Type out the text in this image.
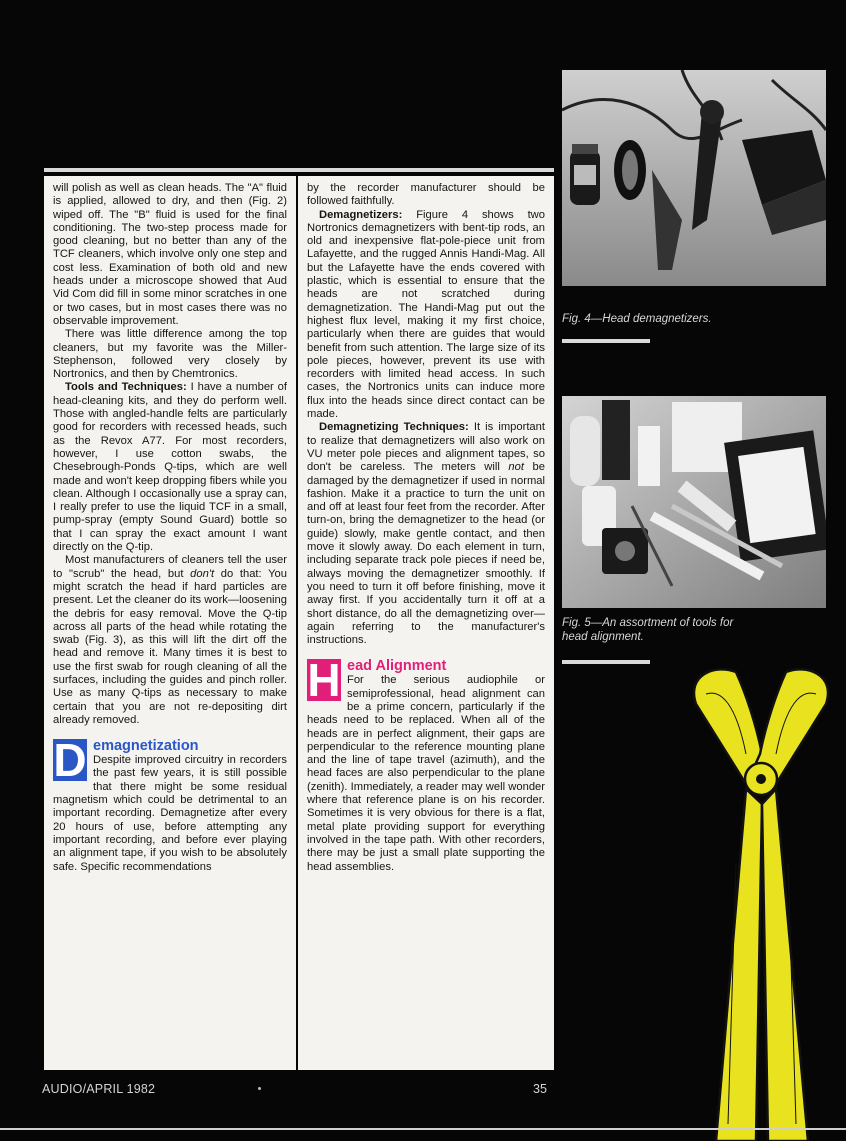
will polish as well as clean heads. The "A" fluid is applied, allowed to dry, and then (Fig. 2) wiped off. The "B" fluid is used for the final conditioning. The two-step process made for good cleaning, but no better than any of the TCF cleaners, which involve only one step and cost less. Examination of both old and new heads under a microscope showed that Aud Vid Com did fill in some minor scratches in one or two cases, but in most cases there was no observable improvement.

There was little difference among the top cleaners, but my favorite was the Miller-Stephenson, followed very closely by Nortronics, and then by Chemtronics.

Tools and Techniques: I have a number of head-cleaning kits, and they do perform well. Those with angled-handle felts are particularly good for recorders with recessed heads, such as the Revox A77. For most recorders, however, I use cotton swabs, the Chesebrough-Ponds Q-tips, which are well made and won't keep dropping fibers while you clean. Although I occasionally use a spray can, I really prefer to use the liquid TCF in a small, pump-spray (empty Sound Guard) bottle so that I can spray the exact amount I want directly on the Q-tip.

Most manufacturers of cleaners tell the user to "scrub" the head, but don't do that: You might scratch the head if hard particles are present. Let the cleaner do its work—loosening the debris for easy removal. Move the Q-tip across all parts of the head while rotating the swab (Fig. 3), as this will lift the dirt off the head and remove it. Many times it is best to use the first swab for rough cleaning of all the surfaces, including the guides and pinch roller. Use as many Q-tips as necessary to make certain that you are not re-depositing dirt already removed.

D emagnetization

Despite improved circuitry in recorders the past few years, it is still possible that there might be some residual magnetism which could be detrimental to an important recording. Demagnetize after every 20 hours of use, before attempting any important recording, and before ever playing an alignment tape, if you wish to be absolutely safe. Specific recommendations

by the recorder manufacturer should be followed faithfully.

Demagnetizers: Figure 4 shows two Nortronics demagnetizers with bent-tip rods, an old and inexpensive flat-pole-piece unit from Lafayette, and the rugged Annis Handi-Mag. All but the Lafayette have the ends covered with plastic, which is essential to ensure that the heads are not scratched during demagnetization. The Handi-Mag put out the highest flux level, making it my first choice, particularly when there are guides that would benefit from such attention. The large size of its pole pieces, however, prevent its use with recorders with limited head access. In such cases, the Nortronics units can induce more flux into the heads since direct contact can be made.

Demagnetizing Techniques: It is important to realize that demagnetizers will also work on VU meter pole pieces and alignment tapes, so don't be careless. The meters will not be damaged by the demagnetizer if used in normal fashion. Make it a practice to turn the unit on and off at least four feet from the recorder. After turn-on, bring the demagnetizer to the head (or guide) slowly, make gentle contact, and then move it slowly away. Do each element in turn, including separate track pole pieces if need be, always moving the demagnetizer smoothly. If you need to turn it off before finishing, move it away first. If you accidentally turn it off at a short distance, do all the demagnetizing over—again referring to the manufacturer's instructions.

H ead Alignment

For the serious audiophile or semiprofessional, head alignment can be a prime concern, particularly if the heads need to be replaced. When all of the heads are in perfect alignment, their gaps are perpendicular to the reference mounting plane and the line of tape travel (azimuth), and the head faces are also perpendicular to the plane (zenith). Immediately, a reader may well wonder where that reference plane is on his recorder. Sometimes it is very obvious for there is a flat, metal plate providing support for everything involved in the tape path. With other recorders, there may be just a small plate supporting the head assemblies.

Fig. 4—Head demagnetizers.
Fig. 5—An assortment of tools for head alignment.
AUDIO/APRIL 1982	35
